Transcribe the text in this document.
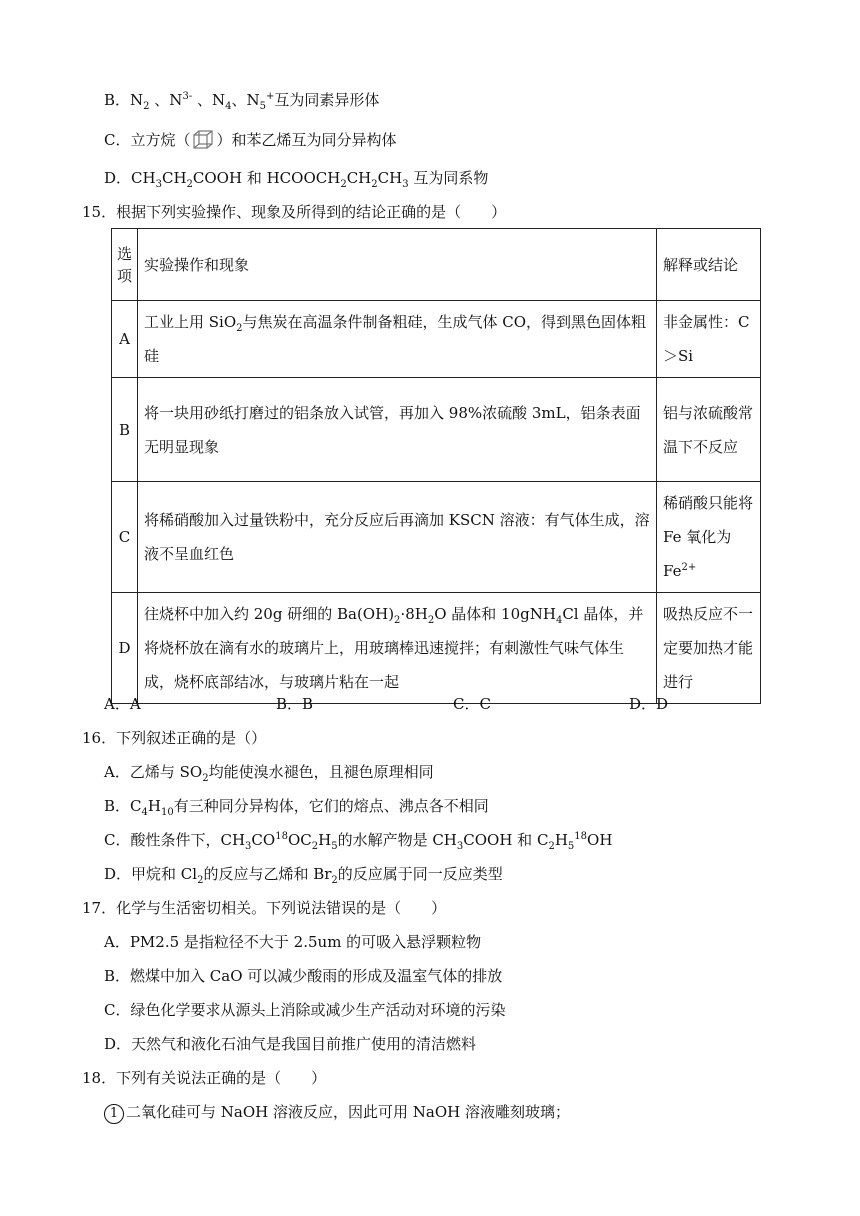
B．$N_2$ 、$N^{3-}$ 、$N_4$、$N_5^+$互为同素异形体
C．立方烷（ ）和苯乙烯互为同分异构体
D．$CH_3CH_2COOH$ 和 $HCOOCH_2CH_2CH_3$ 互为同系物
15．根据下列实验操作、现象及所得到的结论正确的是（　　）
选项	实验操作和现象	解释或结论
A	工业上用 SiO$_2$与焦炭在高温条件制备粗硅，生成气体 CO，得到黑色固体粗硅	非金属性：C＞Si
B	将一块用砂纸打磨过的铝条放入试管，再加入 98%浓硫酸 3mL，铝条表面无明显现象	铝与浓硫酸常温下不反应
C	将稀硝酸加入过量铁粉中，充分反应后再滴加 KSCN 溶液：有气体生成，溶液不呈血红色	稀硝酸只能将 Fe 氧化为 $Fe^{2+}$
D	往烧杯中加入约 20g 研细的 $Ba(OH)_2\cdot 8H_2O$ 晶体和 10gNH$_4$Cl 晶体，并将烧杯放在滴有水的玻璃片上，用玻璃棒迅速搅拌；有刺激性气味气体生成，烧杯底部结冰，与玻璃片粘在一起	吸热反应不一定要加热才能进行
A．A	B．B	C．C	D．D
16．下列叙述正确的是（）
A．乙烯与 $SO_2$均能使溴水褪色，且褪色原理相同
B．$C_4H_{10}$有三种同分异构体，它们的熔点、沸点各不相同
C．酸性条件下，$CH_3CO^{18}OC_2H_5$的水解产物是 $CH_3COOH$ 和 $C_2H_5^{18}OH$
D．甲烷和 $Cl_2$的反应与乙烯和 $Br_2$的反应属于同一反应类型
17．化学与生活密切相关。下列说法错误的是（　　）
A．PM2.5 是指粒径不大于 2.5um 的可吸入悬浮颗粒物
B．燃煤中加入 CaO 可以减少酸雨的形成及温室气体的排放
C．绿色化学要求从源头上消除或减少生产活动对环境的污染
D．天然气和液化石油气是我国目前推广使用的清洁燃料
18．下列有关说法正确的是（　　）
1 二氧化硅可与 NaOH 溶液反应，因此可用 NaOH 溶液雕刻玻璃；
